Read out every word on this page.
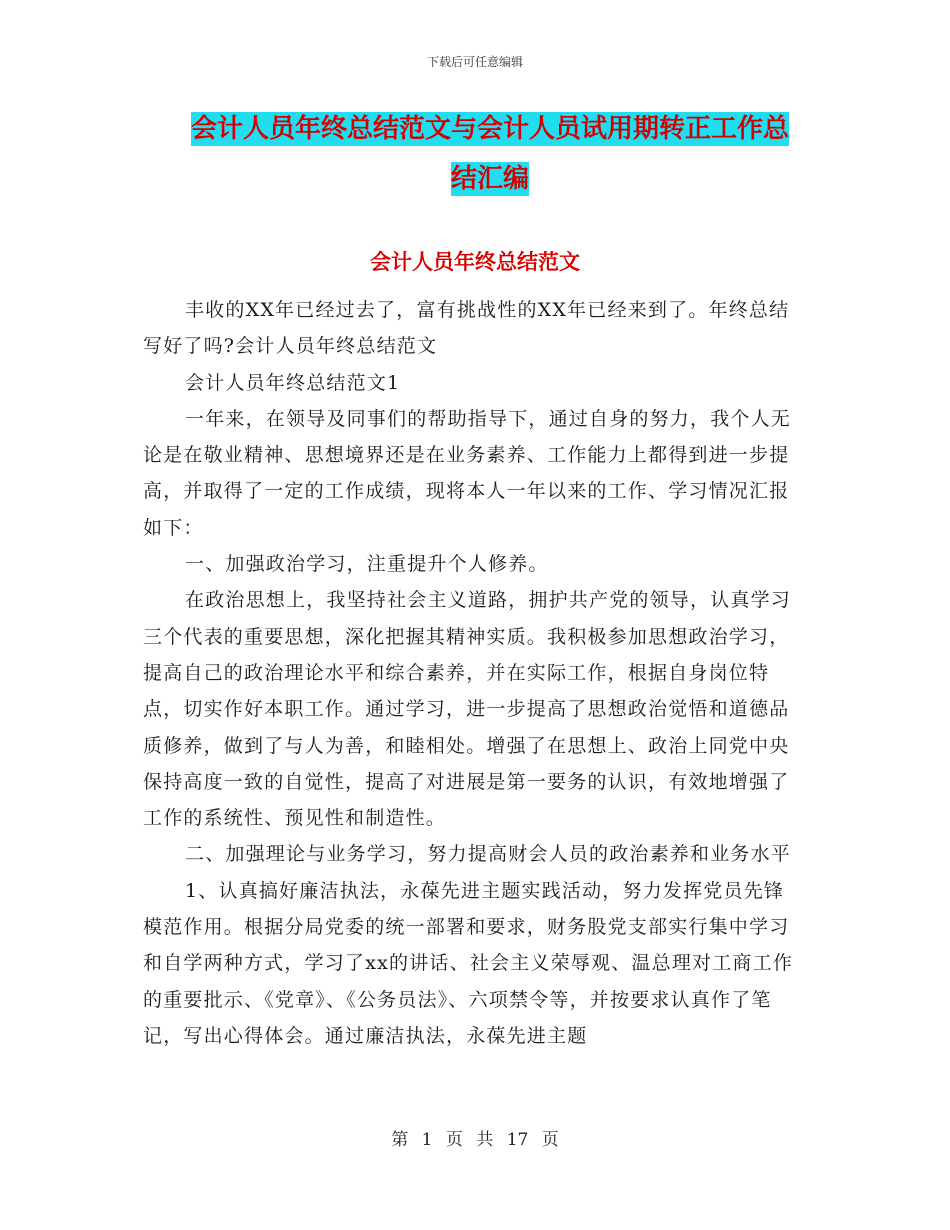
下载后可任意编辑
会计人员年终总结范文与会计人员试用期转正工作总
结汇编
会计人员年终总结范文

丰收的XX年已经过去了，富有挑战性的XX年已经来到了。年终总结写好了吗?会计人员年终总结范文

会计人员年终总结范文1

一年来，在领导及同事们的帮助指导下，通过自身的努力，我个人无论是在敬业精神、思想境界还是在业务素养、工作能力上都得到进一步提高，并取得了一定的工作成绩，现将本人一年以来的工作、学习情况汇报如下：

一、加强政治学习，注重提升个人修养。

在政治思想上，我坚持社会主义道路，拥护共产党的领导，认真学习三个代表的重要思想，深化把握其精神实质。我积极参加思想政治学习，提高自己的政治理论水平和综合素养，并在实际工作，根据自身岗位特点，切实作好本职工作。通过学习，进一步提高了思想政治觉悟和道德品质修养，做到了与人为善，和睦相处。增强了在思想上、政治上同党中央保持高度一致的自觉性，提高了对进展是第一要务的认识，有效地增强了工作的系统性、预见性和制造性。

二、加强理论与业务学习，努力提高财会人员的政治素养和业务水平

1、认真搞好廉洁执法，永葆先进主题实践活动，努力发挥党员先锋模范作用。根据分局党委的统一部署和要求，财务股党支部实行集中学习和自学两种方式，学习了xx的讲话、社会主义荣辱观、温总理对工商工作的重要批示、《党章》、《公务员法》、六项禁令等，并按要求认真作了笔记，写出心得体会。通过廉洁执法，永葆先进主题

第 1 页 共 17 页
